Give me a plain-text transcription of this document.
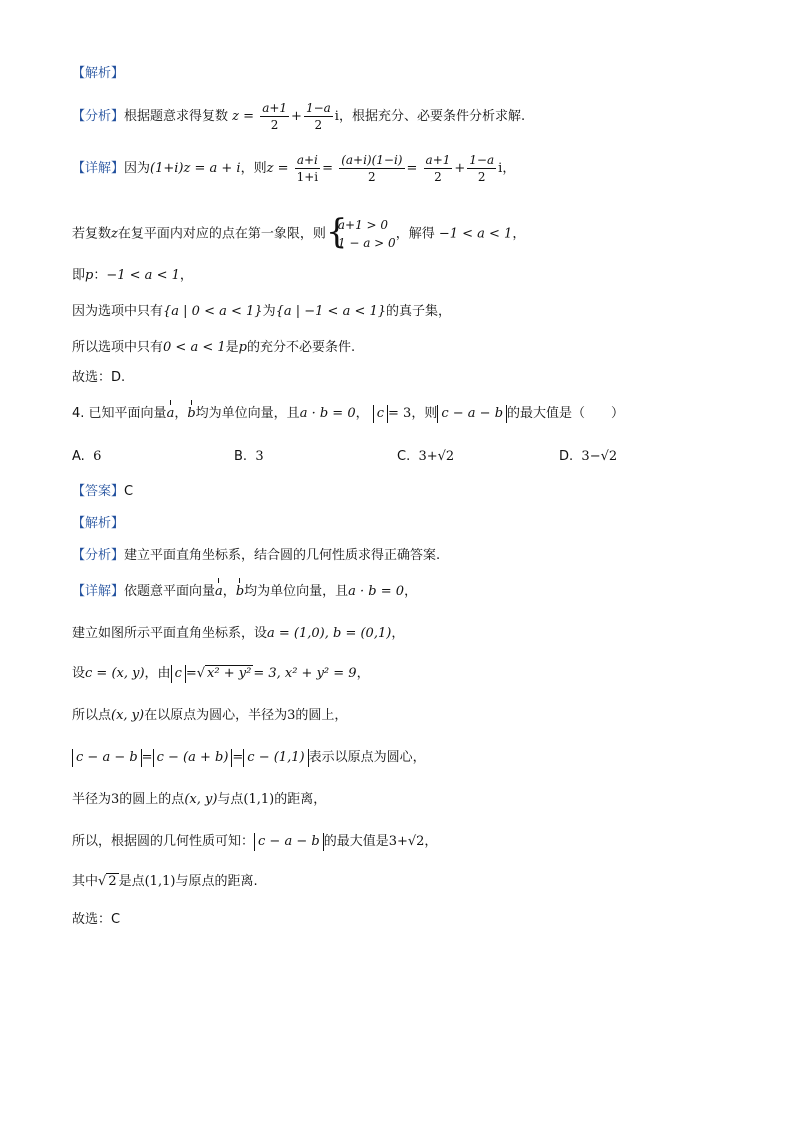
【解析】
【分析】根据题意求得复数 $z = \frac{a+1}{2} + \frac{1-a}{2}$ i，根据充分、必要条件分析求解.
【详解】因为(1+i)z = a + i，则$z = \frac{a+i}{1+i} = \frac{(a+i)(1-i)}{2} = \frac{a+1}{2} + \frac{1-a}{2}$ i，
若复数z在复平面内对应的点在第一象限，则
{ a+1 > 0
1 − a > 0
，解得 −1 < a < 1，
即p：−1 < a < 1，
因为选项中只有{a | 0 < a < 1}为{a | −1 < a < 1}的真子集，
所以选项中只有0 < a < 1是p的充分不必要条件.
故选：D.
4. 已知平面向量a，b均为单位向量，且a · b = 0， c = 3，则 c − a − b 的最大值是（　　）
A. 6	B. 3	C. 3+√2	D. 3−√2
【答案】C
【解析】
【分析】建立平面直角坐标系，结合圆的几何性质求得正确答案.
【详解】依题意平面向量a，b均为单位向量，且a · b = 0，
建立如图所示平面直角坐标系，设a = (1,0), b = (0,1)，
设c = (x, y)，由 c =√ x² + y² = 3, x² + y² = 9，
所以点(x, y)在以原点为圆心，半径为3的圆上，
c − a − b = c − (a + b) = c − (1,1) 表示以原点为圆心，
半径为3的圆上的点(x, y)与点(1,1)的距离，
所以，根据圆的几何性质可知： c − a − b 的最大值是3+√2，
其中√ 2 是点(1,1)与原点的距离.
故选：C
